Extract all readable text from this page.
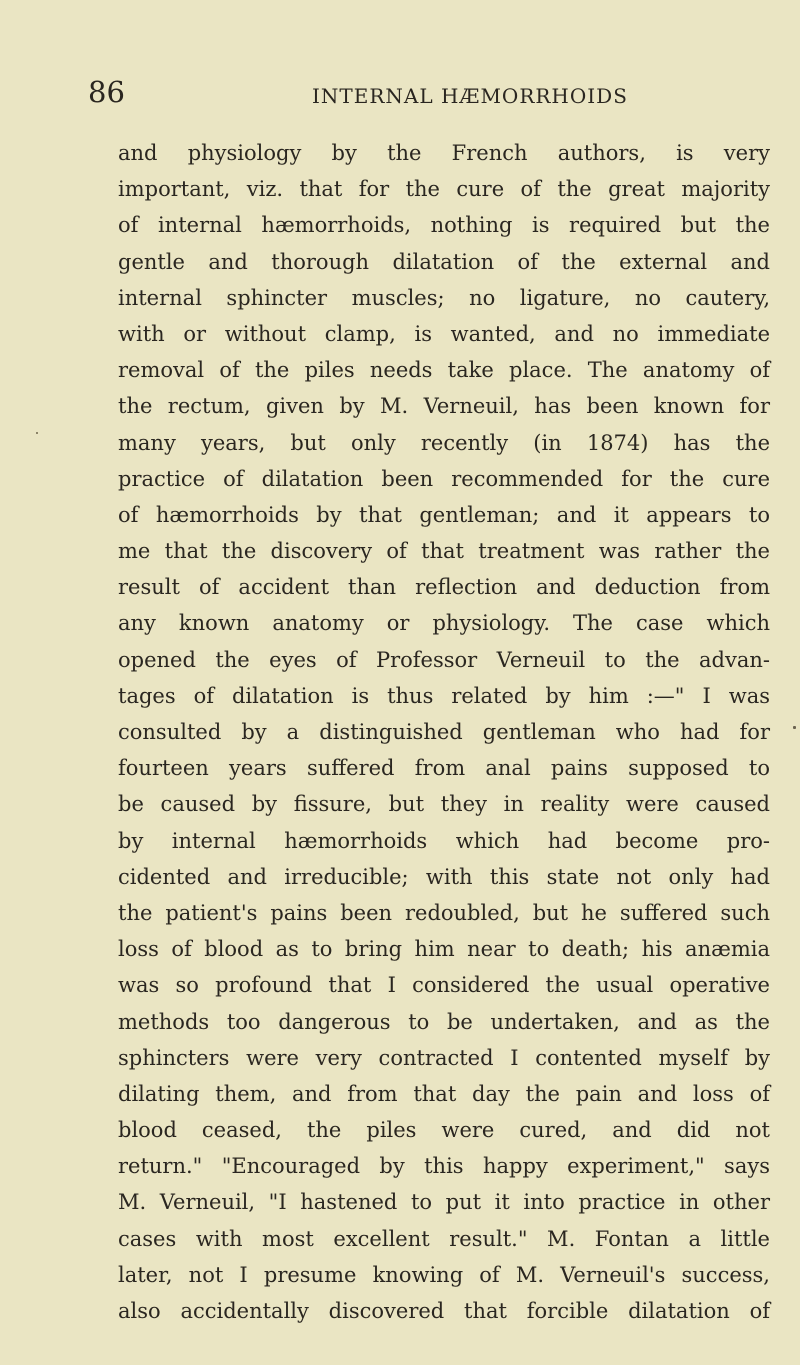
86	INTERNAL HÆMORRHOIDS
and physiology by the French authors, is very
important, viz. that for the cure of the great majority
of internal hæmorrhoids, nothing is required but the
gentle and thorough dilatation of the external and
internal sphincter muscles; no ligature, no cautery,
with or without clamp, is wanted, and no immediate
removal of the piles needs take place. The anatomy of
the rectum, given by M. Verneuil, has been known for
many years, but only recently (in 1874) has the
practice of dilatation been recommended for the cure
of hæmorrhoids by that gentleman; and it appears to
me that the discovery of that treatment was rather the
result of accident than reflection and deduction from
any known anatomy or physiology. The case which
opened the eyes of Professor Verneuil to the advan-
tages of dilatation is thus related by him :—" I was
consulted by a distinguished gentleman who had for
fourteen years suffered from anal pains supposed to
be caused by fissure, but they in reality were caused
by internal hæmorrhoids which had become pro-
cidented and irreducible; with this state not only had
the patient's pains been redoubled, but he suffered such
loss of blood as to bring him near to death; his anæmia
was so profound that I considered the usual operative
methods too dangerous to be undertaken, and as the
sphincters were very contracted I contented myself by
dilating them, and from that day the pain and loss of
blood ceased, the piles were cured, and did not
return." "Encouraged by this happy experiment," says
M. Verneuil, "I hastened to put it into practice in other
cases with most excellent result." M. Fontan a little
later, not I presume knowing of M. Verneuil's success,
also accidentally discovered that forcible dilatation of
